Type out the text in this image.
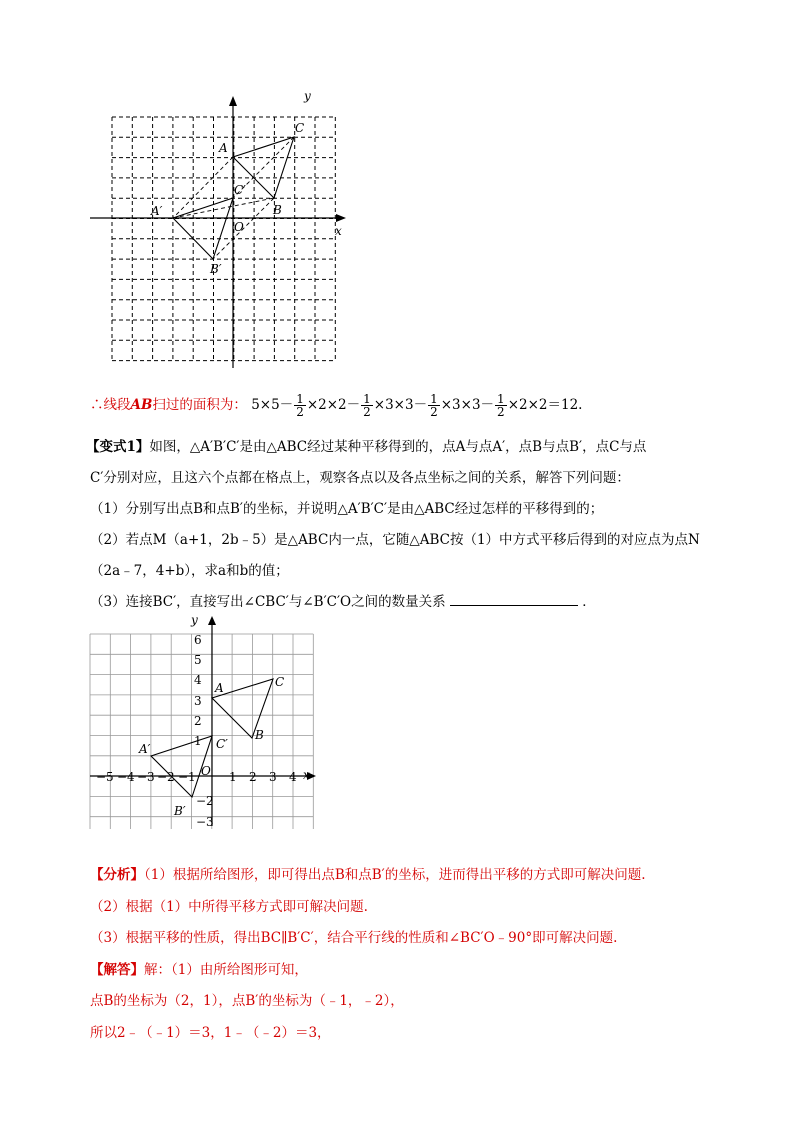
y
x
O
A
B
C
A′
B′
C′
∴线段AB扫过的面积为： $5\times 5- \frac{1}{2} \times 2\times 2- \frac{1}{2} \times 3\times 3- \frac{1}{2} \times 3\times 3- \frac{1}{2} \times 2\times 2=12$.
【变式1】如图，△A′B′C′是由△ABC经过某种平移得到的，点A与点A′，点B与点B′，点C与点
C′分别对应，且这六个点都在格点上，观察各点以及各点坐标之间的关系，解答下列问题：
（1）分别写出点B和点B′的坐标，并说明△A′B′C′是由△ABC经过怎样的平移得到的；
（2）若点M（a+1，2b﹣5）是△ABC内一点，它随△ABC按（1）中方式平移后得到的对应点为点N
（2a﹣7，4+b），求a和b的值；
（3）连接BC′，直接写出∠CBC′与∠B′C′O之间的数量关系	．
y
x
O
−5 −4 −3 −2 −1	1 2 3 4
6
5
4
3
2
1
−2
−3
A
B
C
A′
B′
C′
【分析】（1）根据所给图形，即可得出点B和点B′的坐标，进而得出平移的方式即可解决问题.
（2）根据（1）中所得平移方式即可解决问题.
（3）根据平移的性质，得出BC∥B′C′，结合平行线的性质和∠BC′O﹣90°即可解决问题.
【解答】解：（1）由所给图形可知，
点B的坐标为（2，1），点B′的坐标为（﹣1，﹣2），
所以2﹣（﹣1）＝3，1﹣（﹣2）＝3，
